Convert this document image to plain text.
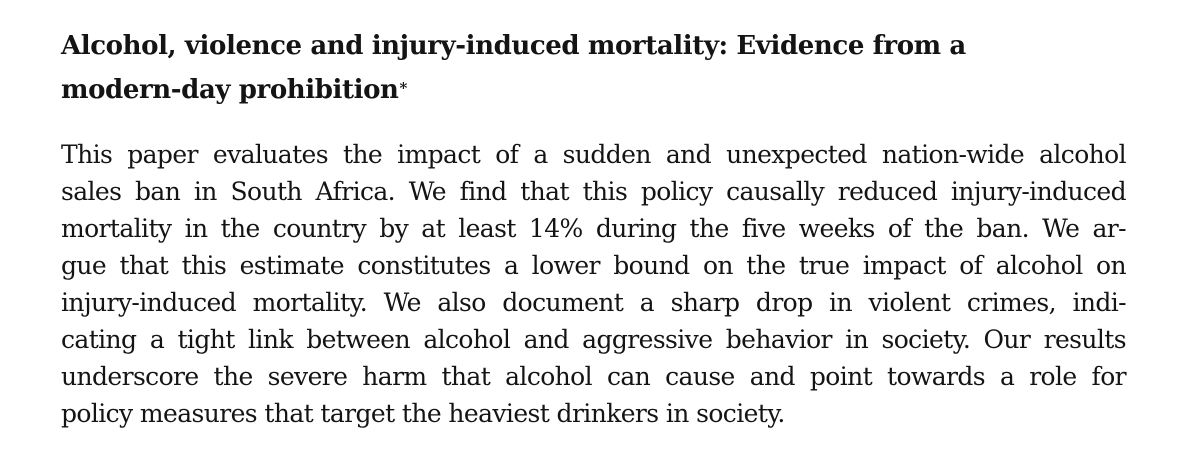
Alcohol, violence and injury-induced mortality: Evidence from a
modern-day prohibition*
This paper evaluates the impact of a sudden and unexpected nation-wide alcohol
sales ban in South Africa. We find that this policy causally reduced injury-induced
mortality in the country by at least 14% during the five weeks of the ban. We ar-
gue that this estimate constitutes a lower bound on the true impact of alcohol on
injury-induced mortality. We also document a sharp drop in violent crimes, indi-
cating a tight link between alcohol and aggressive behavior in society. Our results
underscore the severe harm that alcohol can cause and point towards a role for
policy measures that target the heaviest drinkers in society.
